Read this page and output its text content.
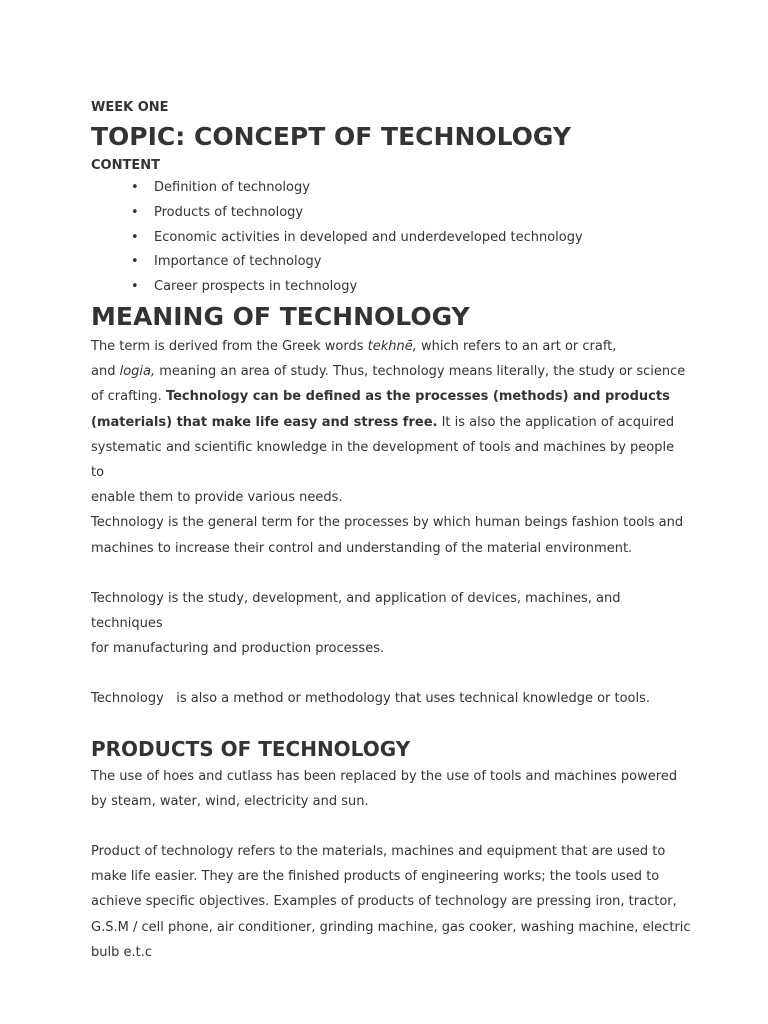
WEEK ONE
TOPIC: CONCEPT OF TECHNOLOGY
CONTENT
• Definition of technology
• Products of technology
• Economic activities in developed and underdeveloped technology
• Importance of technology
• Career prospects in technology
MEANING OF TECHNOLOGY

The term is derived from the Greek words tekhnē, which refers to an art or craft,

and logia, meaning an area of study. Thus, technology means literally, the study or science

of crafting. Technology can be defined as the processes (methods) and products

(materials) that make life easy and stress free. It is also the application of acquired

systematic and scientific knowledge in the development of tools and machines by people to

enable them to provide various needs.

Technology is the general term for the processes by which human beings fashion tools and

machines to increase their control and understanding of the material environment.

Technology is the study, development, and application of devices, machines, and techniques

for manufacturing and production processes.

Technology   is also a method or methodology that uses technical knowledge or tools.

PRODUCTS OF TECHNOLOGY

The use of hoes and cutlass has been replaced by the use of tools and machines powered

by steam, water, wind, electricity and sun.

Product of technology refers to the materials, machines and equipment that are used to

make life easier. They are the finished products of engineering works; the tools used to

achieve specific objectives. Examples of products of technology are pressing iron, tractor,

G.S.M / cell phone, air conditioner, grinding machine, gas cooker, washing machine, electric

bulb e.t.c
